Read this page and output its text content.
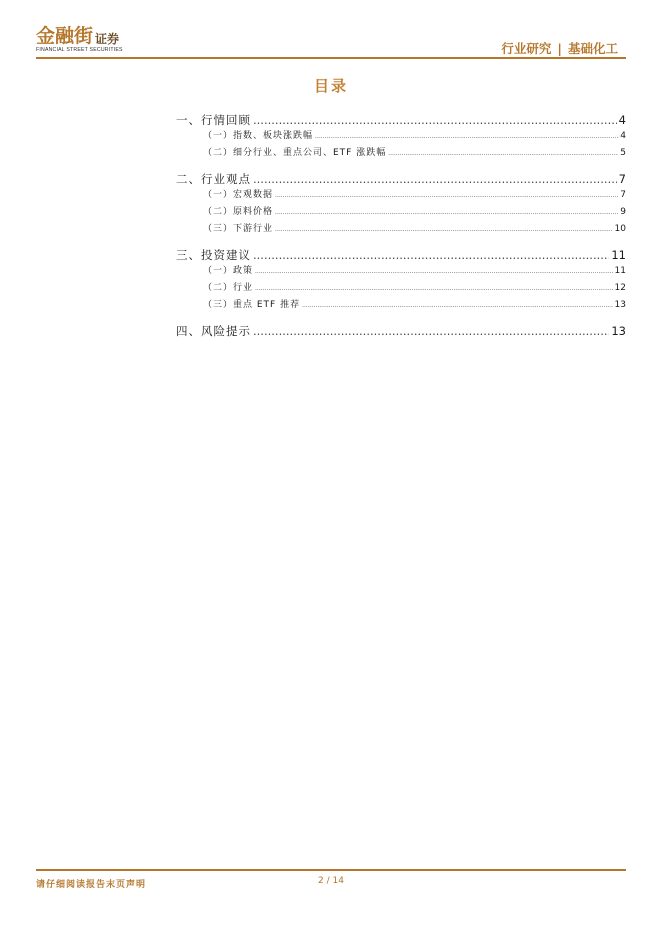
金融街 证券
FINANCIAL STREET SECURITIES	行业研究 | 基础化工
目录
一、行情回顾 .....	4
（一）指数、板块涨跌幅 .....	4
（二）细分行业、重点公司、ETF 涨跌幅 .....	5
二、行业观点 .....	7
（一）宏观数据 .....	7
（二）原料价格 .....	9
（三）下游行业 .....	10
三、投资建议 .....	11
（一）政策 .....	11
（二）行业 .....	12
（三）重点 ETF 推荐 .....	13
四、风险提示 .....	13
请仔细阅读报告末页声明	2 / 14
